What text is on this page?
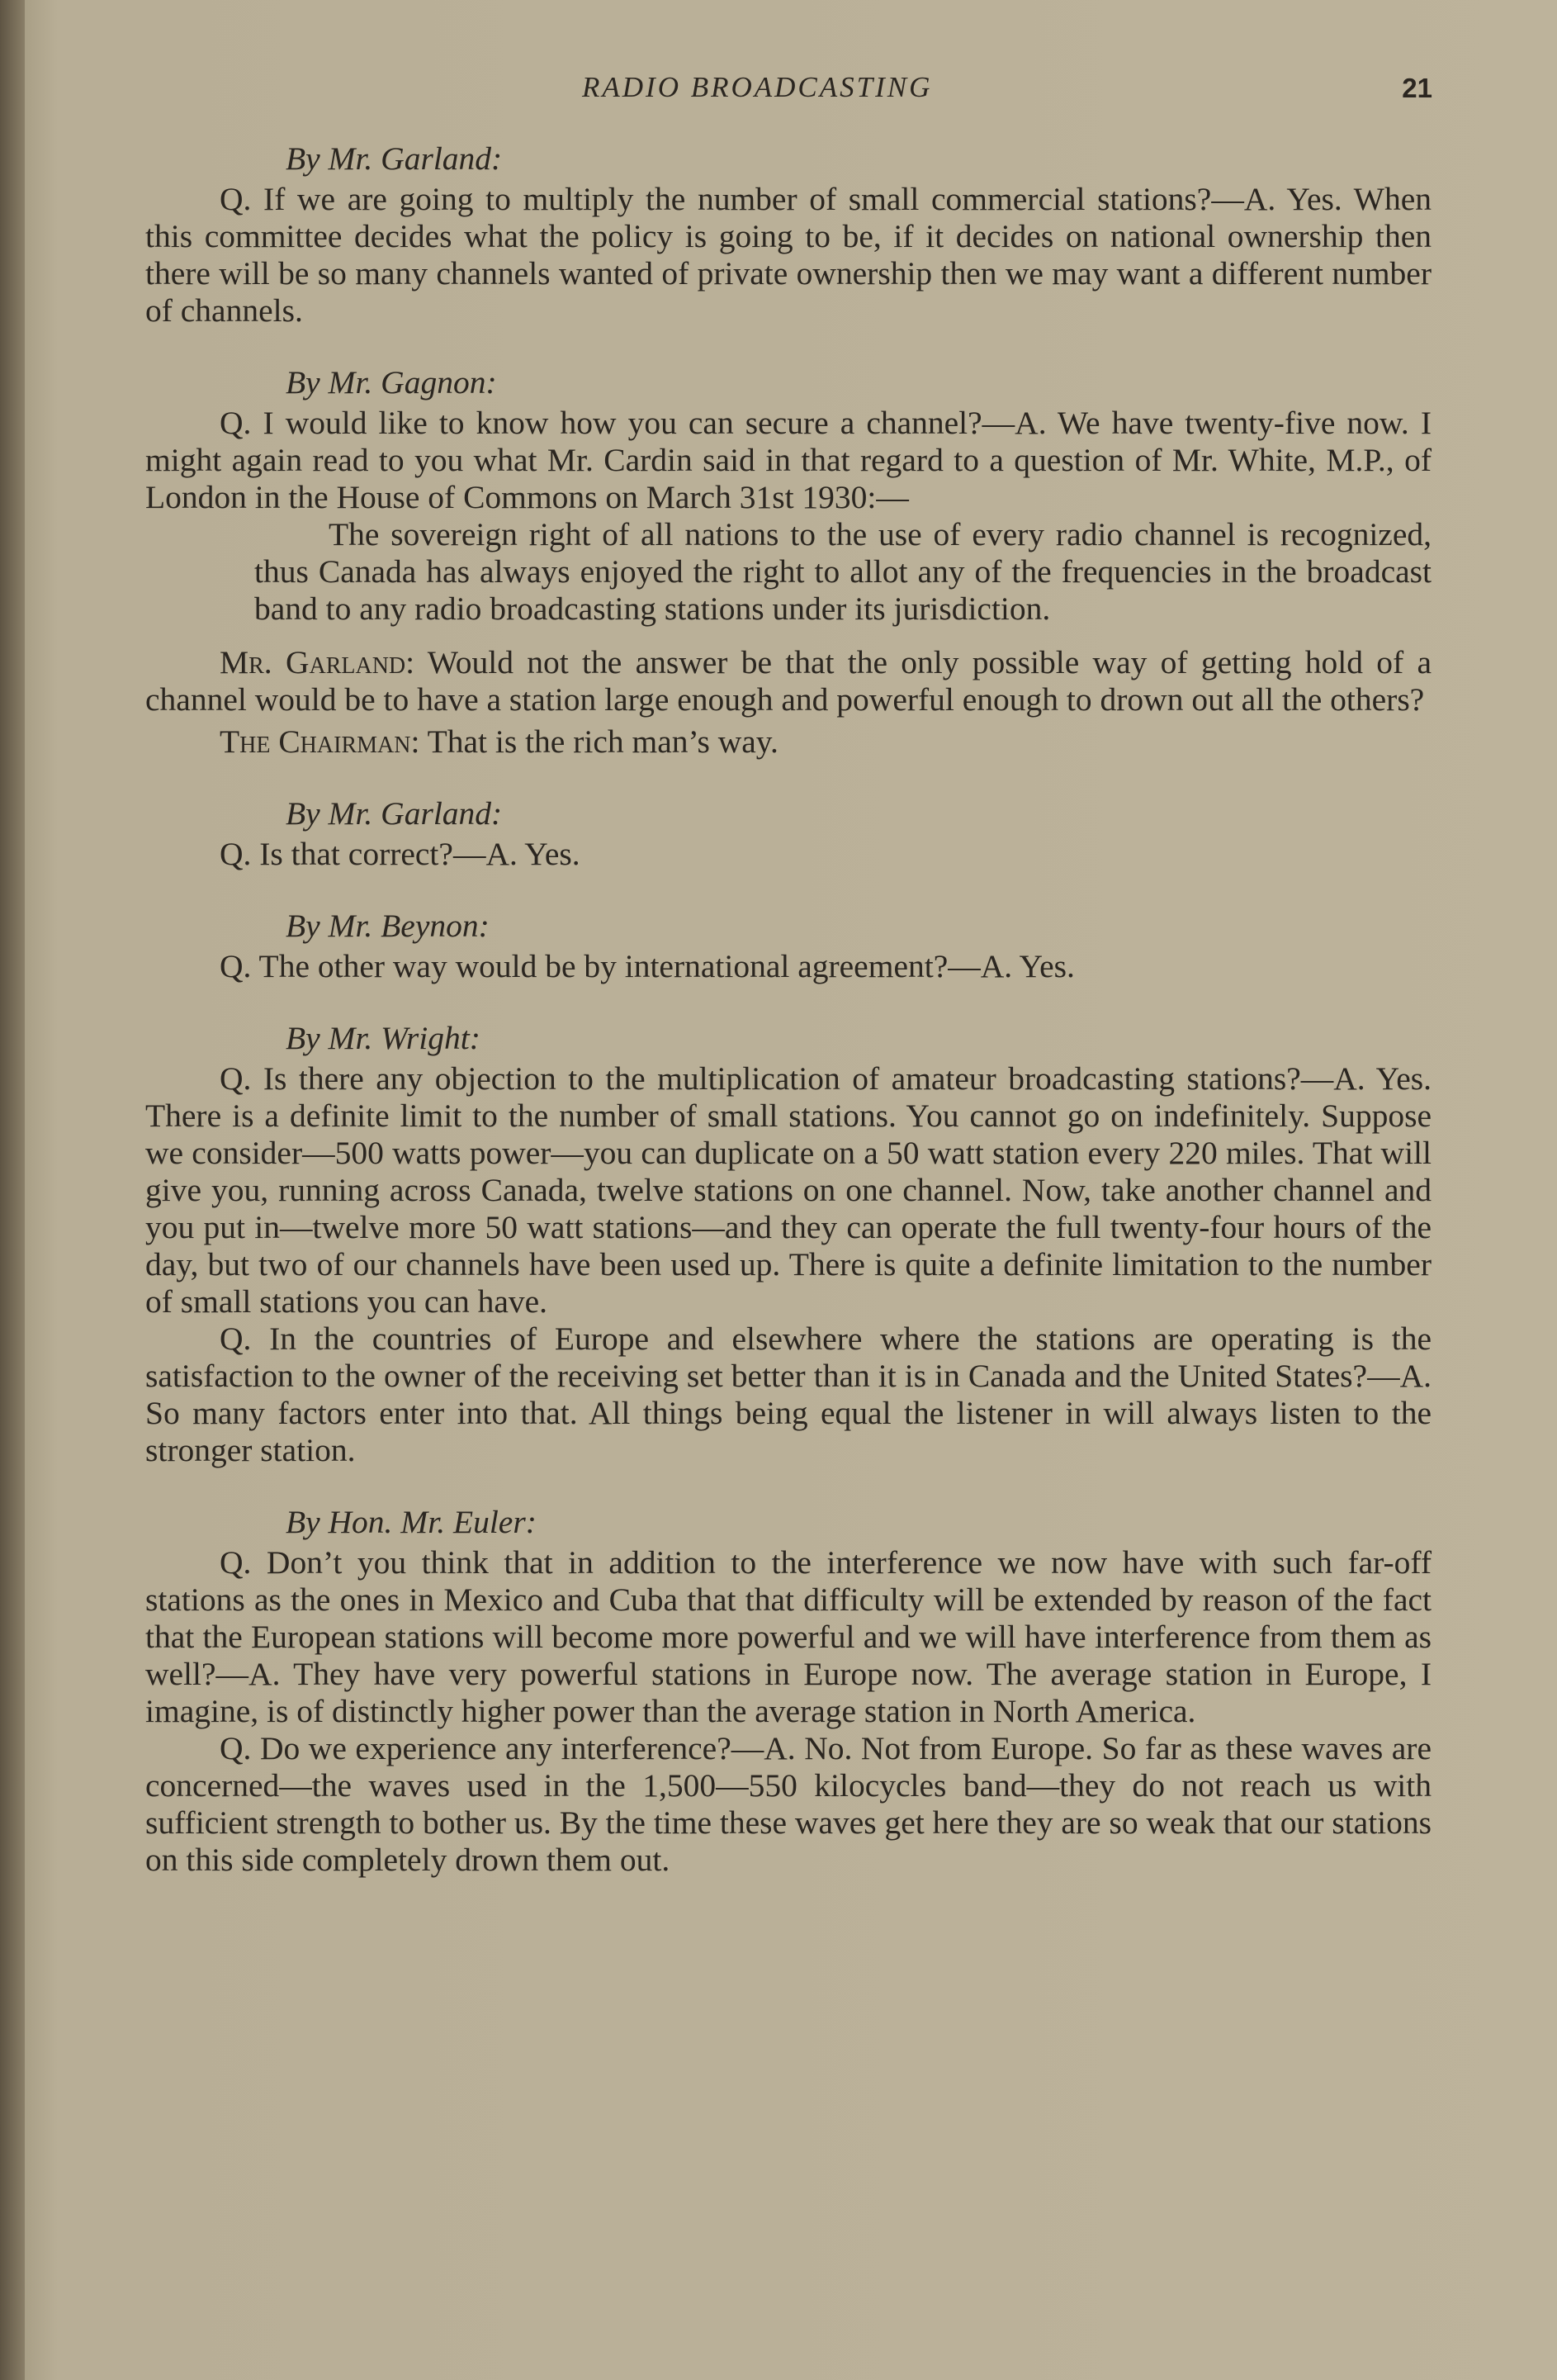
RADIO BROADCASTING	21

By Mr. Garland:

Q. If we are going to multiply the number of small commercial stations?—A. Yes. When this committee decides what the policy is going to be, if it decides on national ownership then there will be so many channels wanted of private ownership then we may want a different number of channels.

By Mr. Gagnon:

Q. I would like to know how you can secure a channel?—A. We have twenty-five now. I might again read to you what Mr. Cardin said in that regard to a question of Mr. White, M.P., of London in the House of Commons on March 31st 1930:—

The sovereign right of all nations to the use of every radio channel is recognized, thus Canada has always enjoyed the right to allot any of the frequencies in the broadcast band to any radio broadcasting stations under its jurisdiction.

Mr. Garland: Would not the answer be that the only possible way of getting hold of a channel would be to have a station large enough and powerful enough to drown out all the others?

The Chairman: That is the rich man’s way.

By Mr. Garland:

Q. Is that correct?—A. Yes.

By Mr. Beynon:

Q. The other way would be by international agreement?—A. Yes.

By Mr. Wright:

Q. Is there any objection to the multiplication of amateur broadcasting stations?—A. Yes. There is a definite limit to the number of small stations. You cannot go on indefinitely. Suppose we consider—500 watts power—you can duplicate on a 50 watt station every 220 miles. That will give you, running across Canada, twelve stations on one channel. Now, take another channel and you put in—twelve more 50 watt stations—and they can operate the full twenty-four hours of the day, but two of our channels have been used up. There is quite a definite limitation to the number of small stations you can have.

Q. In the countries of Europe and elsewhere where the stations are operating is the satisfaction to the owner of the receiving set better than it is in Canada and the United States?—A. So many factors enter into that. All things being equal the listener in will always listen to the stronger station.

By Hon. Mr. Euler:

Q. Don’t you think that in addition to the interference we now have with such far-off stations as the ones in Mexico and Cuba that that difficulty will be extended by reason of the fact that the European stations will become more powerful and we will have interference from them as well?—A. They have very powerful stations in Europe now. The average station in Europe, I imagine, is of distinctly higher power than the average station in North America.

Q. Do we experience any interference?—A. No. Not from Europe. So far as these waves are concerned—the waves used in the 1,500—550 kilocycles band—they do not reach us with sufficient strength to bother us. By the time these waves get here they are so weak that our stations on this side completely drown them out.
